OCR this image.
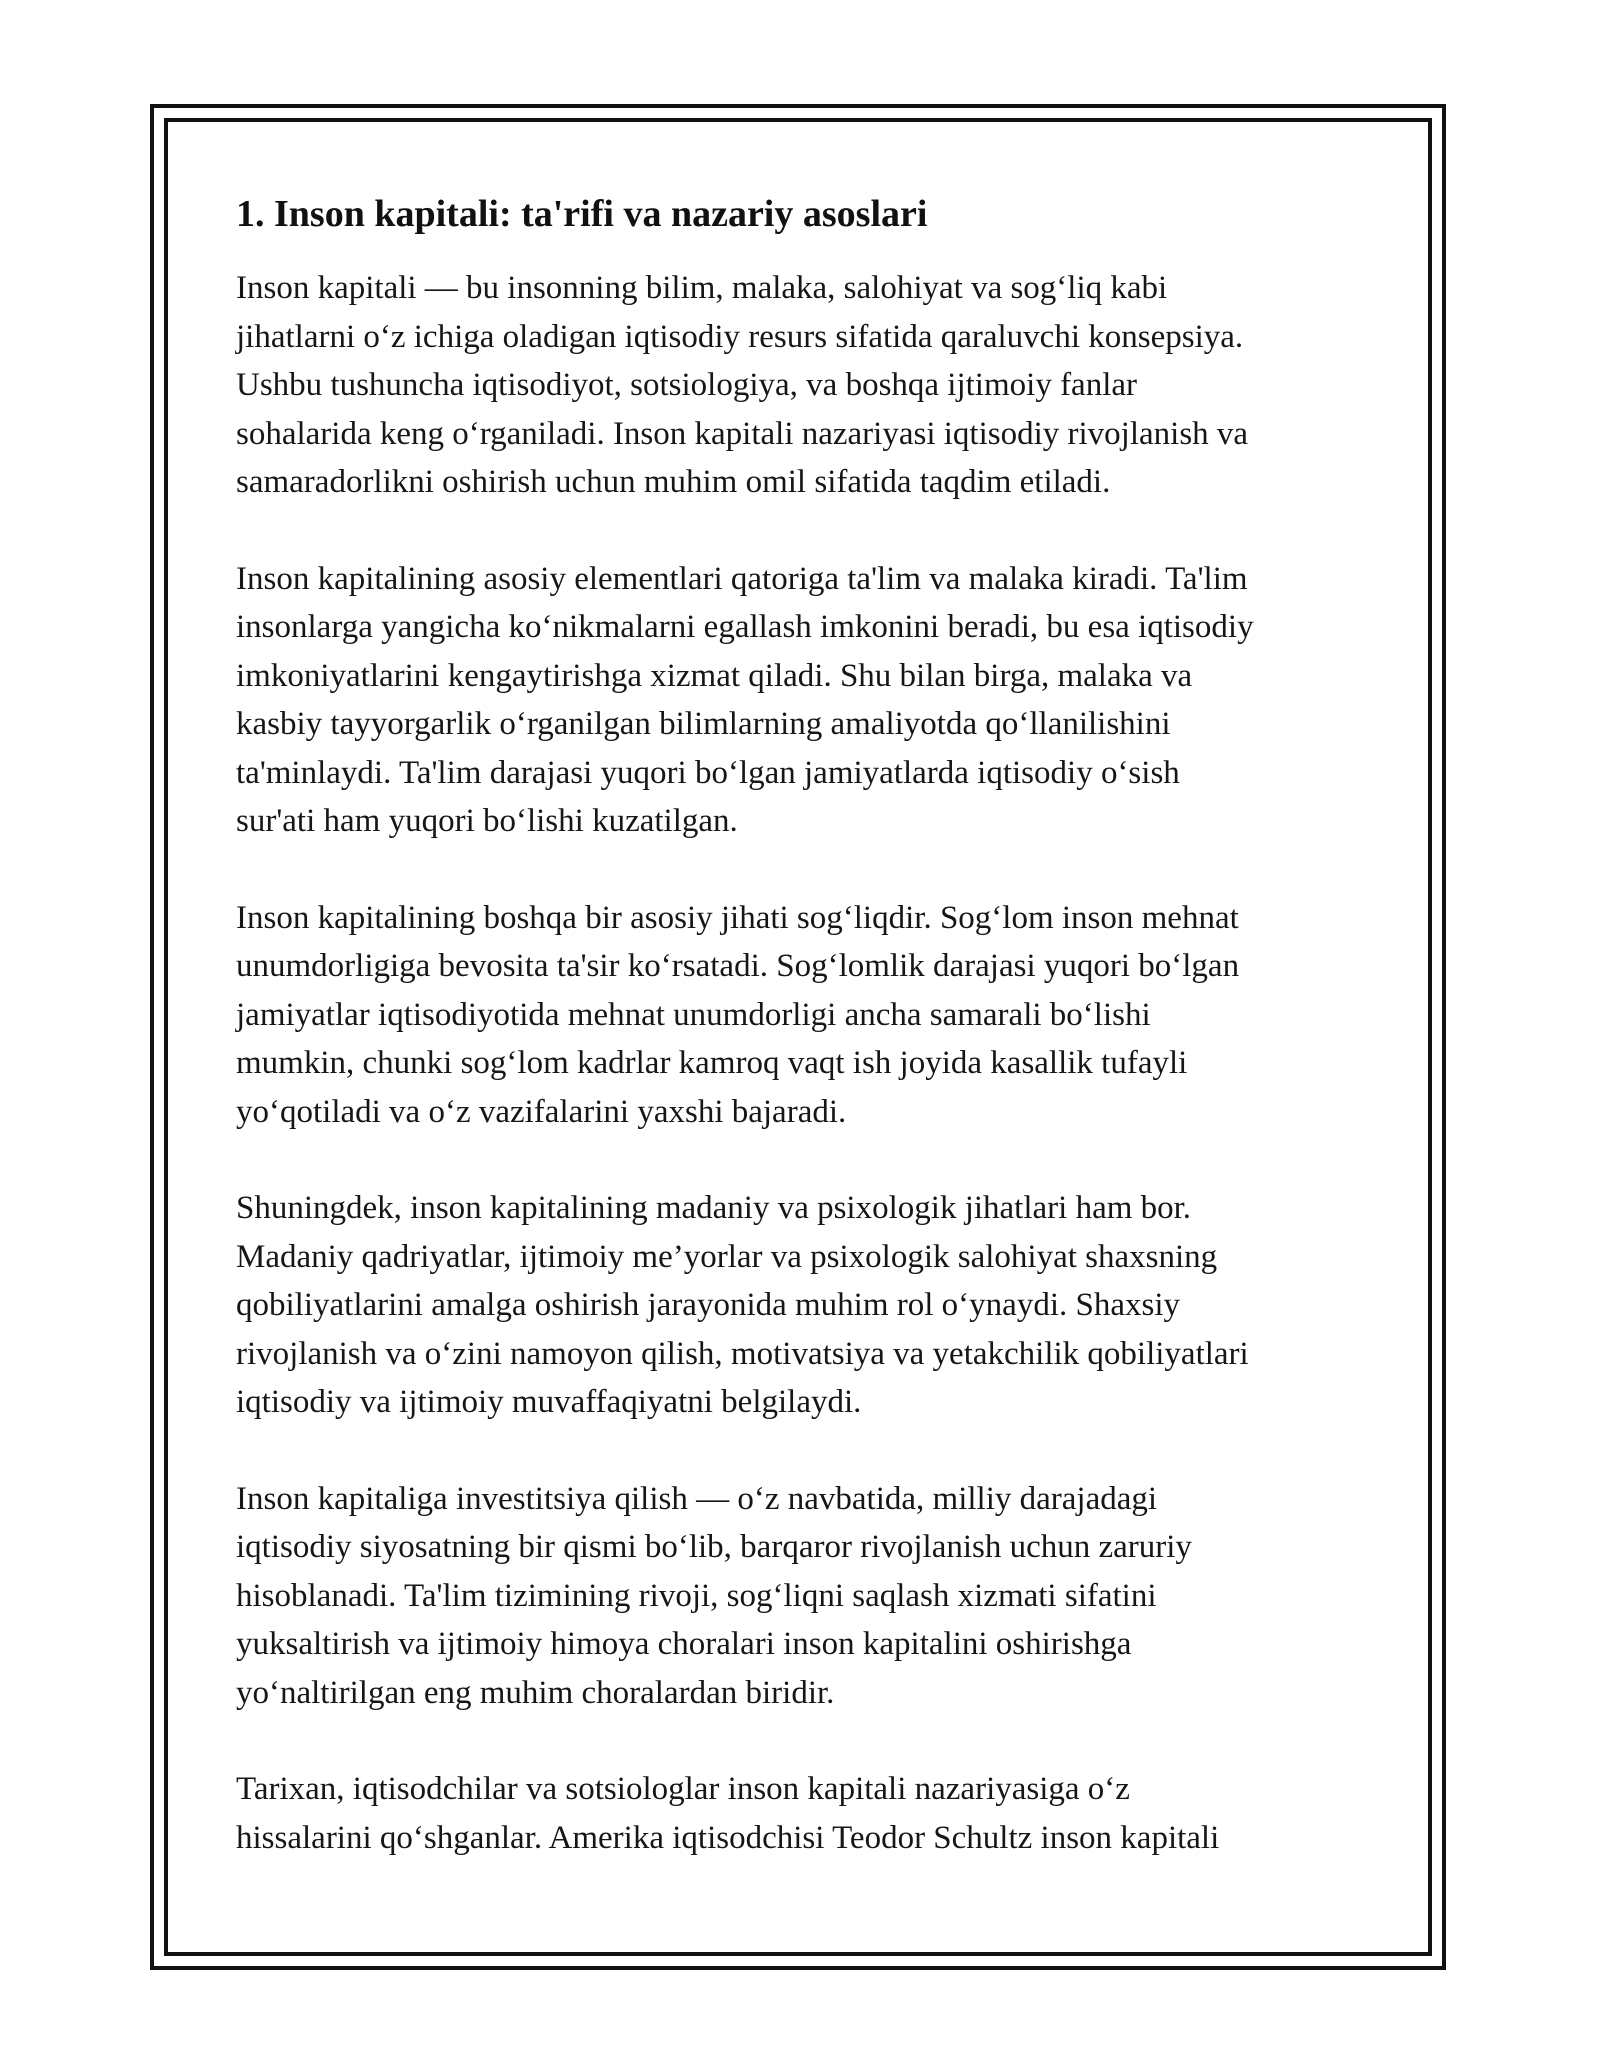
1. Inson kapitali: ta'rifi va nazariy asoslari

Inson kapitali — bu insonning bilim, malaka, salohiyat va sog‘liq kabi
jihatlarni o‘z ichiga oladigan iqtisodiy resurs sifatida qaraluvchi konsepsiya.
Ushbu tushuncha iqtisodiyot, sotsiologiya, va boshqa ijtimoiy fanlar
sohalarida keng o‘rganiladi. Inson kapitali nazariyasi iqtisodiy rivojlanish va
samaradorlikni oshirish uchun muhim omil sifatida taqdim etiladi.

Inson kapitalining asosiy elementlari qatoriga ta'lim va malaka kiradi. Ta'lim
insonlarga yangicha ko‘nikmalarni egallash imkonini beradi, bu esa iqtisodiy
imkoniyatlarini kengaytirishga xizmat qiladi. Shu bilan birga, malaka va
kasbiy tayyorgarlik o‘rganilgan bilimlarning amaliyotda qo‘llanilishini
ta'minlaydi. Ta'lim darajasi yuqori bo‘lgan jamiyatlarda iqtisodiy o‘sish
sur'ati ham yuqori bo‘lishi kuzatilgan.

Inson kapitalining boshqa bir asosiy jihati sog‘liqdir. Sog‘lom inson mehnat
unumdorligiga bevosita ta'sir ko‘rsatadi. Sog‘lomlik darajasi yuqori bo‘lgan
jamiyatlar iqtisodiyotida mehnat unumdorligi ancha samarali bo‘lishi
mumkin, chunki sog‘lom kadrlar kamroq vaqt ish joyida kasallik tufayli
yo‘qotiladi va o‘z vazifalarini yaxshi bajaradi.

Shuningdek, inson kapitalining madaniy va psixologik jihatlari ham bor.
Madaniy qadriyatlar, ijtimoiy me’yorlar va psixologik salohiyat shaxsning
qobiliyatlarini amalga oshirish jarayonida muhim rol o‘ynaydi. Shaxsiy
rivojlanish va o‘zini namoyon qilish, motivatsiya va yetakchilik qobiliyatlari
iqtisodiy va ijtimoiy muvaffaqiyatni belgilaydi.

Inson kapitaliga investitsiya qilish — o‘z navbatida, milliy darajadagi
iqtisodiy siyosatning bir qismi bo‘lib, barqaror rivojlanish uchun zaruriy
hisoblanadi. Ta'lim tizimining rivoji, sog‘liqni saqlash xizmati sifatini
yuksaltirish va ijtimoiy himoya choralari inson kapitalini oshirishga
yo‘naltirilgan eng muhim choralardan biridir.

Tarixan, iqtisodchilar va sotsiologlar inson kapitali nazariyasiga o‘z
hissalarini qo‘shganlar. Amerika iqtisodchisi Teodor Schultz inson kapitali
